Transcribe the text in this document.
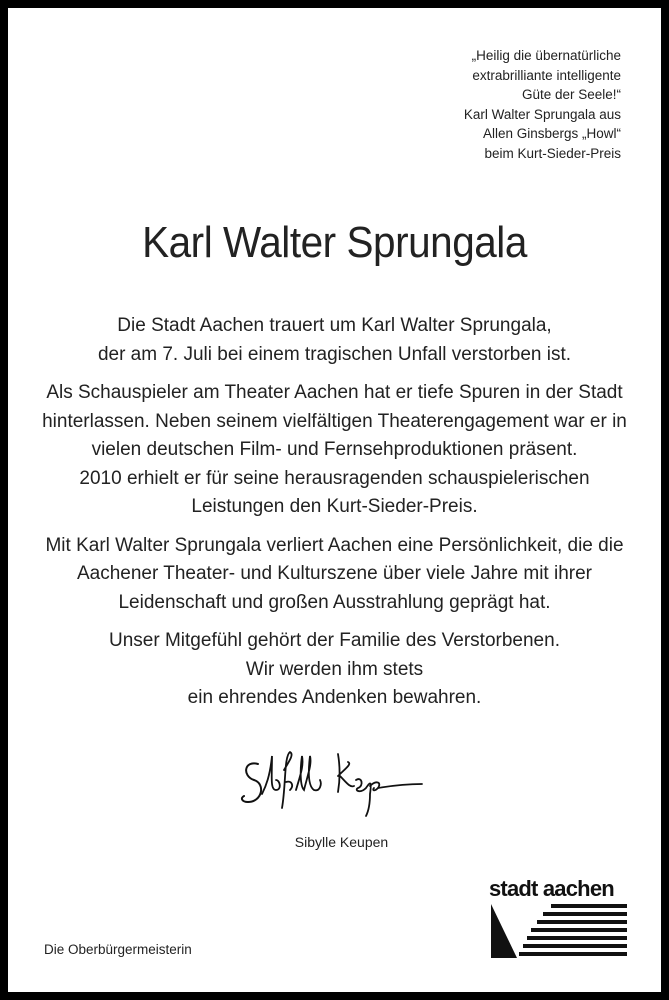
„Heilig die übernatürliche
extrabrilliante intelligente
Güte der Seele!“
Karl Walter Sprungala aus
Allen Ginsbergs „Howl“
beim Kurt-Sieder-Preis
Karl Walter Sprungala
Die Stadt Aachen trauert um Karl Walter Sprungala,
der am 7. Juli bei einem tragischen Unfall verstorben ist.
Als Schauspieler am Theater Aachen hat er tiefe Spuren in der Stadt
hinterlassen. Neben seinem vielfältigen Theaterengagement war er in
vielen deutschen Film- und Fernsehproduktionen präsent.
2010 erhielt er für seine herausragenden schauspielerischen
Leistungen den Kurt-Sieder-Preis.
Mit Karl Walter Sprungala verliert Aachen eine Persönlichkeit, die die
Aachener Theater- und Kulturszene über viele Jahre mit ihrer
Leidenschaft und großen Ausstrahlung geprägt hat.
Unser Mitgefühl gehört der Familie des Verstorbenen.
Wir werden ihm stets
ein ehrendes Andenken bewahren.
Sibylle Keupen
Die Oberbürgermeisterin
stadt aachen
